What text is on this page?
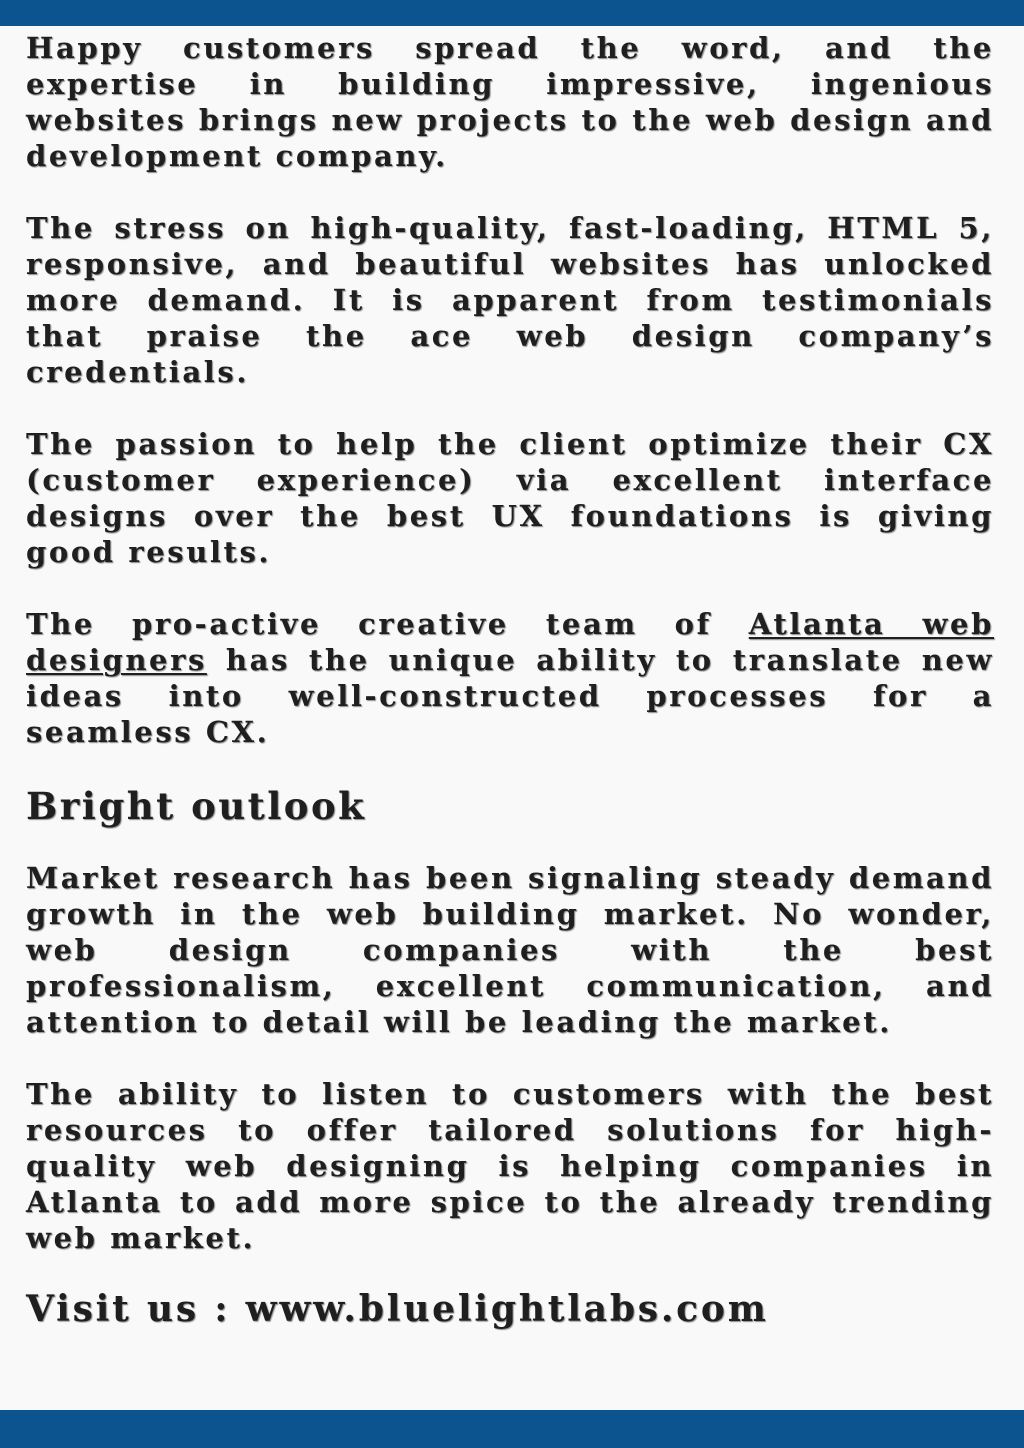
Happy customers spread the word, and the expertise in building impressive, ingenious websites brings new projects to the web design and development company.

The stress on high-quality, fast-loading, HTML 5, responsive, and beautiful websites has unlocked more demand. It is apparent from testimonials that praise the ace web design company’s credentials.

The passion to help the client optimize their CX (customer experience) via excellent interface designs over the best UX foundations is giving good results.

The pro-active creative team of Atlanta web designers has the unique ability to translate new ideas into well-constructed processes for a seamless CX.

Bright outlook

Market research has been signaling steady demand growth in the web building market. No wonder, web design companies with the best professionalism, excellent communication, and attention to detail will be leading the market.

The ability to listen to customers with the best resources to offer tailored solutions for high-quality web designing is helping companies in Atlanta to add more spice to the already trending web market.

Visit us : www.bluelightlabs.com
